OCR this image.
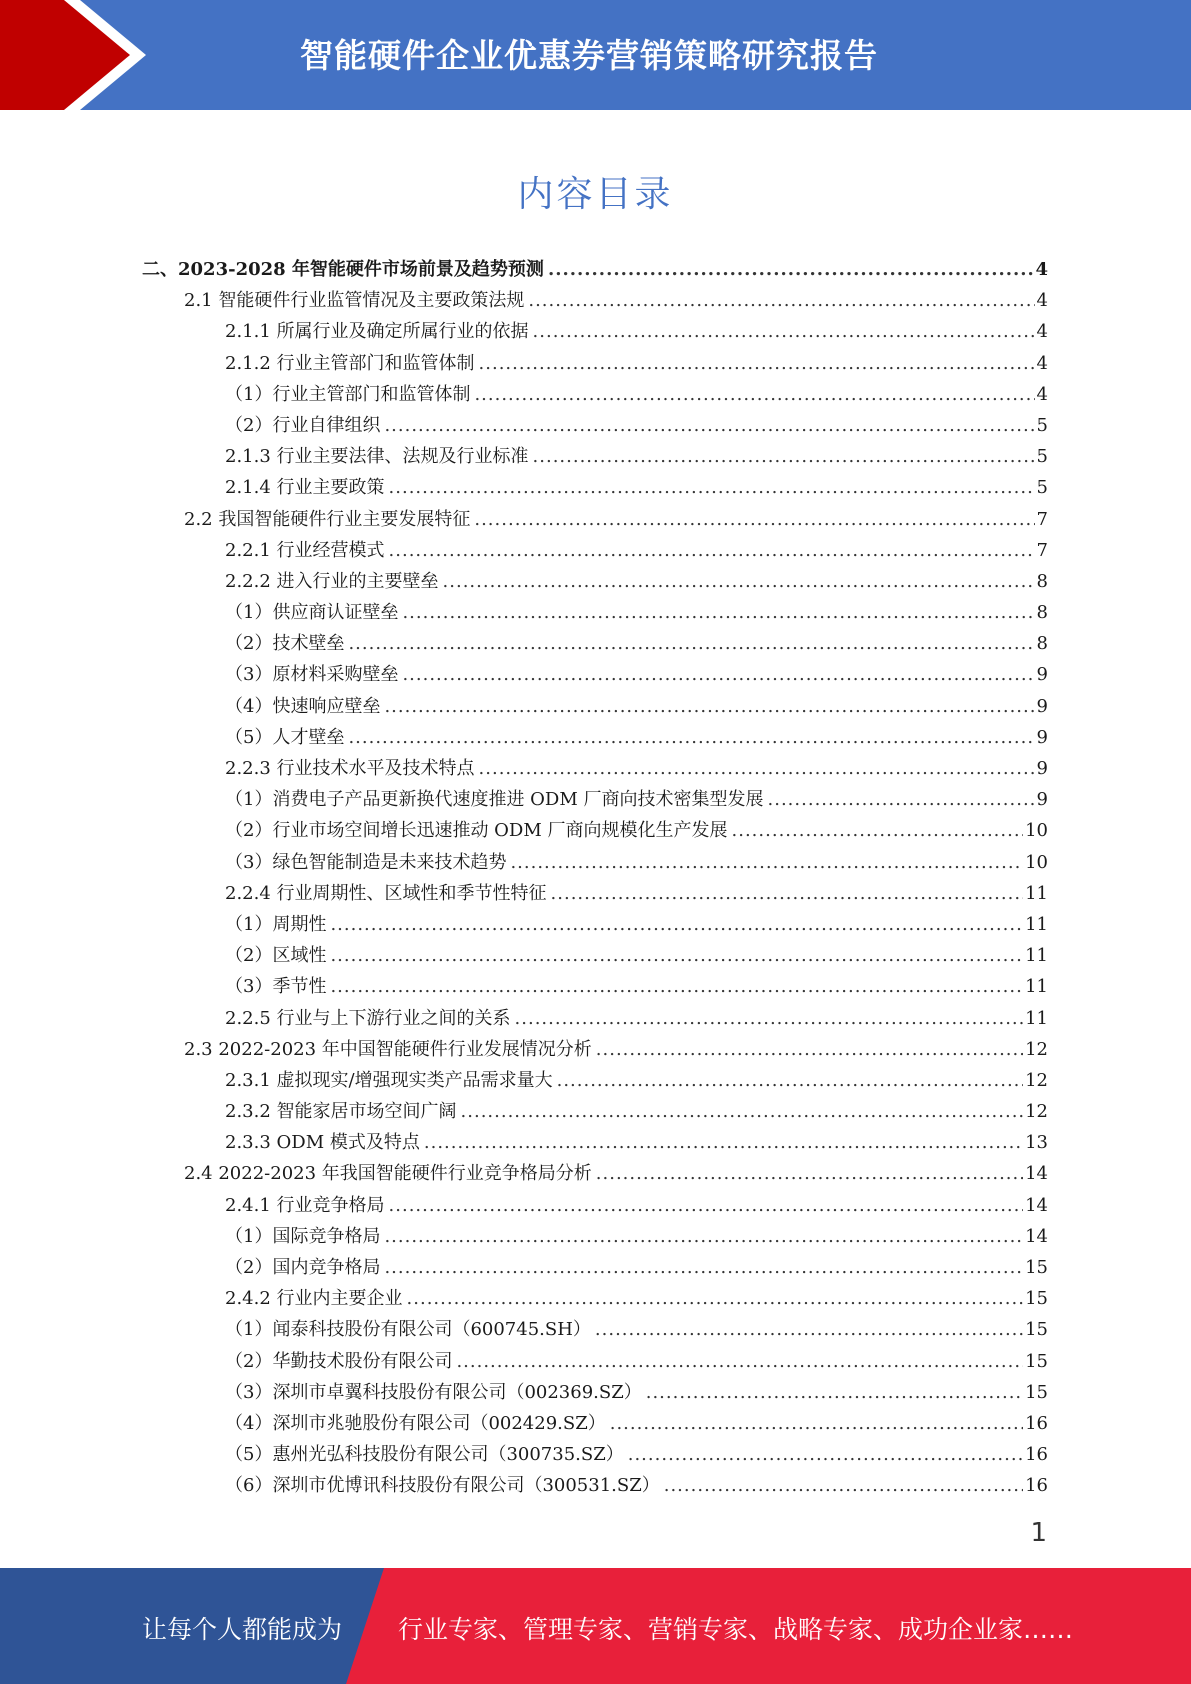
智能硬件企业优惠券营销策略研究报告
内容目录
二、2023-2028 年智能硬件市场前景及趋势预测 .....	4
2.1 智能硬件行业监管情况及主要政策法规 .....	4
2.1.1 所属行业及确定所属行业的依据 .....	4
2.1.2 行业主管部门和监管体制 .....	4
（1）行业主管部门和监管体制 .....	4
（2）行业自律组织 .....	5
2.1.3 行业主要法律、法规及行业标准 .....	5
2.1.4 行业主要政策 .....	5
2.2 我国智能硬件行业主要发展特征 .....	7
2.2.1 行业经营模式 .....	7
2.2.2 进入行业的主要壁垒 .....	8
（1）供应商认证壁垒 .....	8
（2）技术壁垒 .....	8
（3）原材料采购壁垒 .....	9
（4）快速响应壁垒 .....	9
（5）人才壁垒 .....	9
2.2.3 行业技术水平及技术特点 .....	9
（1）消费电子产品更新换代速度推进 ODM 厂商向技术密集型发展 .....	9
（2）行业市场空间增长迅速推动 ODM 厂商向规模化生产发展 .....	10
（3）绿色智能制造是未来技术趋势 .....	10
2.2.4 行业周期性、区域性和季节性特征 .....	11
（1）周期性 .....	11
（2）区域性 .....	11
（3）季节性 .....	11
2.2.5 行业与上下游行业之间的关系 .....	11
2.3 2022-2023 年中国智能硬件行业发展情况分析 .....	12
2.3.1 虚拟现实/增强现实类产品需求量大 .....	12
2.3.2 智能家居市场空间广阔 .....	12
2.3.3 ODM 模式及特点 .....	13
2.4 2022-2023 年我国智能硬件行业竞争格局分析 .....	14
2.4.1 行业竞争格局 .....	14
（1）国际竞争格局 .....	14
（2）国内竞争格局 .....	15
2.4.2 行业内主要企业 .....	15
（1）闻泰科技股份有限公司（600745.SH） .....	15
（2）华勤技术股份有限公司 .....	15
（3）深圳市卓翼科技股份有限公司（002369.SZ） .....	15
（4）深圳市兆驰股份有限公司（002429.SZ） .....	16
（5）惠州光弘科技股份有限公司（300735.SZ） .....	16
（6）深圳市优博讯科技股份有限公司（300531.SZ） .....	16
1
让每个人都能成为 行业专家、管理专家、营销专家、战略专家、成功企业家……
